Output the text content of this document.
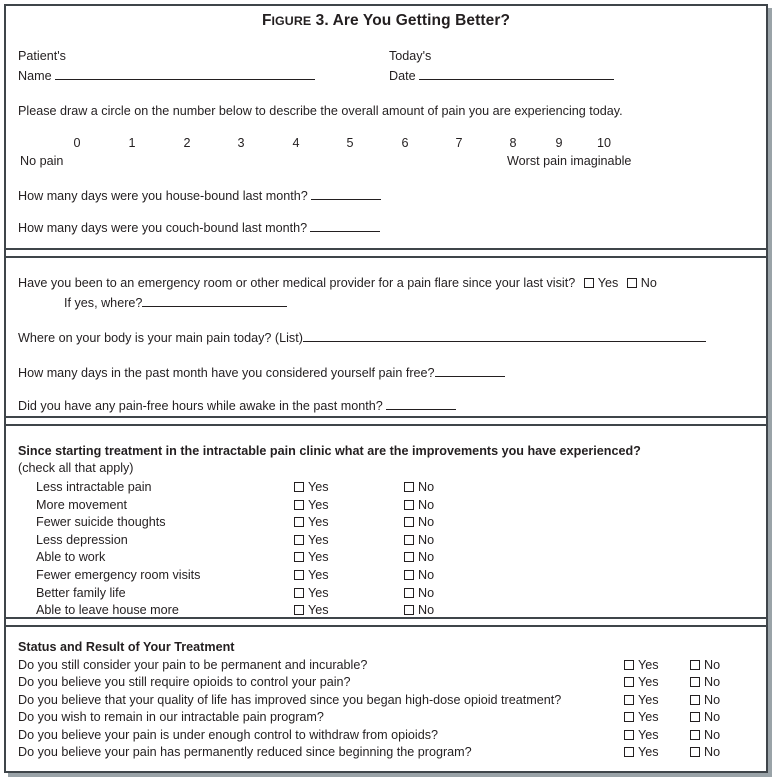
FIGURE 3. Are You Getting Better?
Patient's
Name
Today's
Date
Please draw a circle on the number below to describe the overall amount of pain you are experiencing today.
0	1	2	3	4	5	6	7	8	9	10
No pain	Worst pain imaginable
How many days were you house-bound last month?
How many days were you couch-bound last month?
Have you been to an emergency room or other medical provider for a pain flare since your last visit? Yes No
If yes, where?
Where on your body is your main pain today? (List)
How many days in the past month have you considered yourself pain free?
Did you have any pain-free hours while awake in the past month?
Since starting treatment in the intractable pain clinic what are the improvements you have experienced?
(check all that apply)
Less intractable pain	Yes	No
More movement	Yes	No
Fewer suicide thoughts	Yes	No
Less depression	Yes	No
Able to work	Yes	No
Fewer emergency room visits	Yes	No
Better family life	Yes	No
Able to leave house more	Yes	No
Status and Result of Your Treatment
Do you still consider your pain to be permanent and incurable?	Yes	No
Do you believe you still require opioids to control your pain?	Yes	No
Do you believe that your quality of life has improved since you began high-dose opioid treatment?	Yes	No
Do you wish to remain in our intractable pain program?	Yes	No
Do you believe your pain is under enough control to withdraw from opioids?	Yes	No
Do you believe your pain has permanently reduced since beginning the program?	Yes	No
